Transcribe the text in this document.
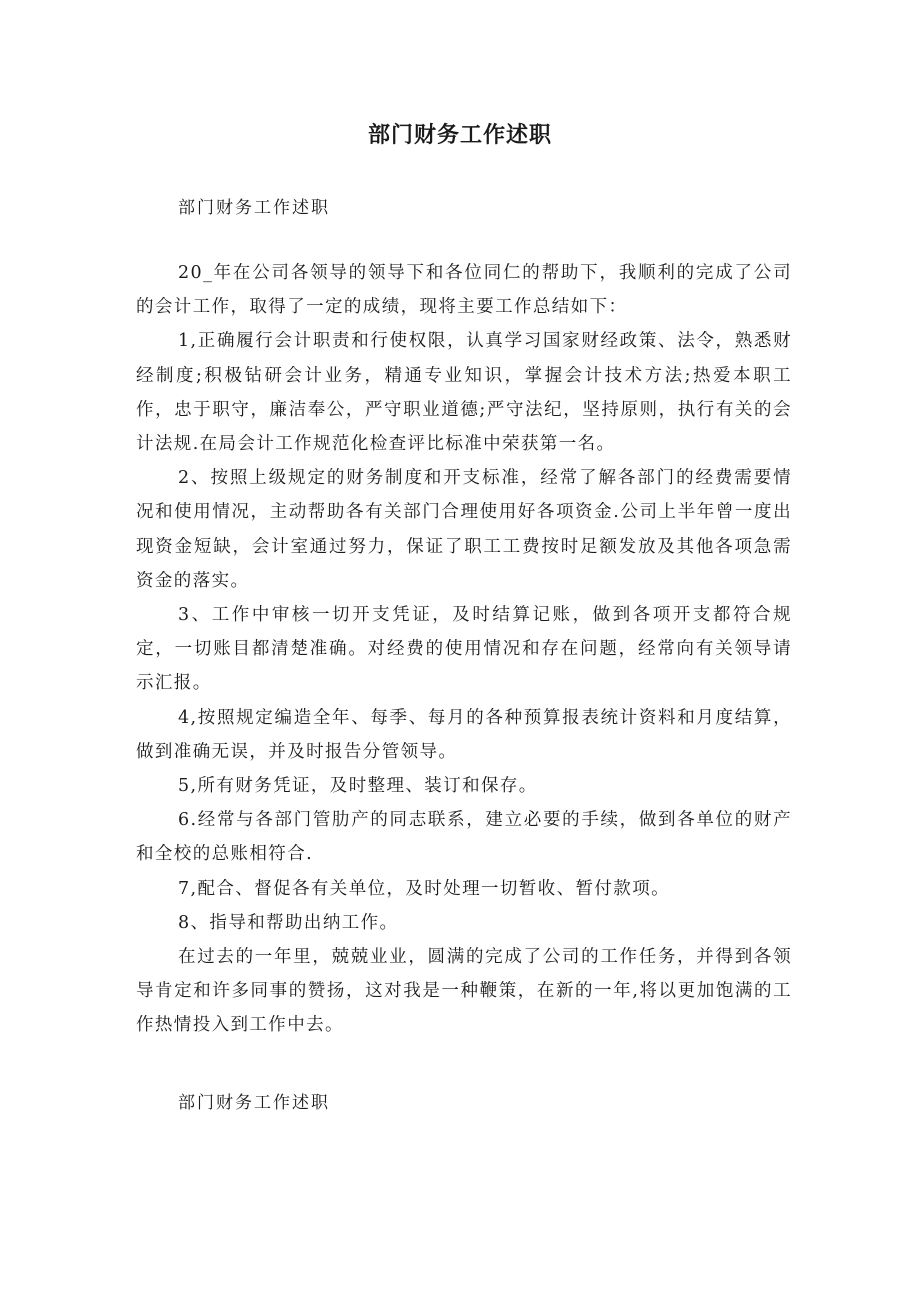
部门财务工作述职

部门财务工作述职

20_年在公司各领导的领导下和各位同仁的帮助下，我顺利的完成了公司的会计工作，取得了一定的成绩，现将主要工作总结如下：

1,正确履行会计职责和行使权限，认真学习国家财经政策、法令，熟悉财经制度;积极钻研会计业务，精通专业知识，掌握会计技术方法;热爱本职工作，忠于职守，廉洁奉公，严守职业道德;严守法纪，坚持原则，执行有关的会计法规.在局会计工作规范化检查评比标准中荣获第一名。

2、按照上级规定的财务制度和开支标准，经常了解各部门的经费需要情况和使用情况，主动帮助各有关部门合理使用好各项资金.公司上半年曾一度出现资金短缺，会计室通过努力，保证了职工工费按时足额发放及其他各项急需资金的落实。

3、工作中审核一切开支凭证，及时结算记账，做到各项开支都符合规定，一切账目都清楚准确。对经费的使用情况和存在问题，经常向有关领导请示汇报。

4,按照规定编造全年、每季、每月的各种预算报表统计资料和月度结算，做到准确无误，并及时报告分管领导。

5,所有财务凭证，及时整理、装订和保存。

6.经常与各部门管肋产的同志联系，建立必要的手续，做到各单位的财产和全校的总账相符合.

7,配合、督促各有关单位，及时处理一切暂收、暂付款项。

8、指导和帮助出纳工作。

在过去的一年里，兢兢业业，圆满的完成了公司的工作任务，并得到各领导肯定和许多同事的赞扬，这对我是一种鞭策，在新的一年,将以更加饱满的工作热情投入到工作中去。

部门财务工作述职
